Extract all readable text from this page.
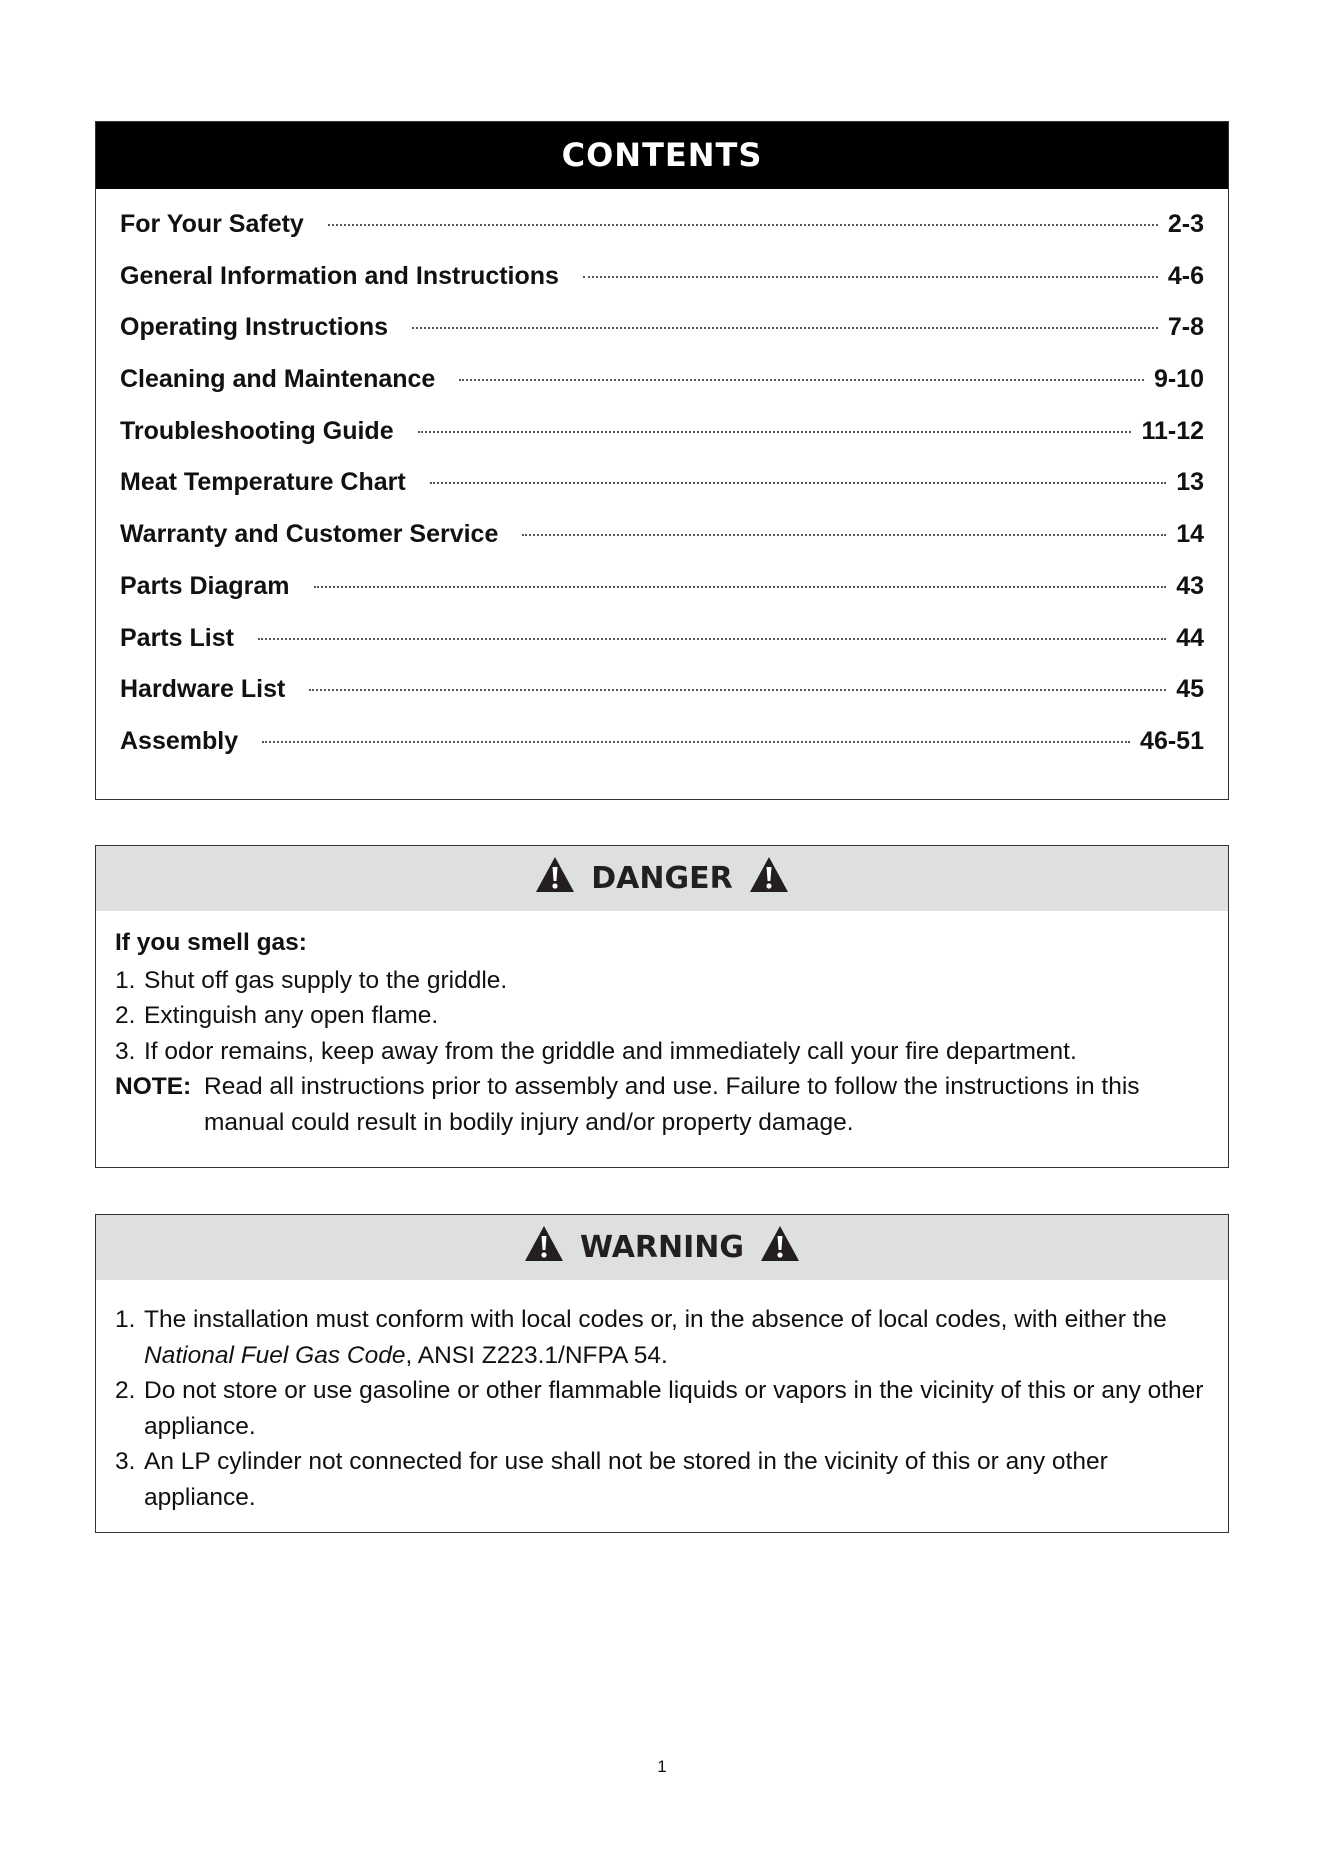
CONTENTS
For Your Safety	2-3
General Information and Instructions	4-6
Operating Instructions	7-8
Cleaning and Maintenance	9-10
Troubleshooting Guide	11-12
Meat Temperature Chart	13
Warranty and Customer Service	14
Parts Diagram	43
Parts List	44
Hardware List	45
Assembly	46-51
DANGER
If you smell gas:
1. Shut off gas supply to the griddle.
2. Extinguish any open flame.
3. If odor remains, keep away from the griddle and immediately call your fire department.
NOTE: Read all instructions prior to assembly and use. Failure to follow the instructions in this manual could result in bodily injury and/or property damage.
WARNING
1. The installation must conform with local codes or, in the absence of local codes, with either the National Fuel Gas Code, ANSI Z223.1/NFPA 54.
2. Do not store or use gasoline or other flammable liquids or vapors in the vicinity of this or any other appliance.
3. An LP cylinder not connected for use shall not be stored in the vicinity of this or any other appliance.
1
